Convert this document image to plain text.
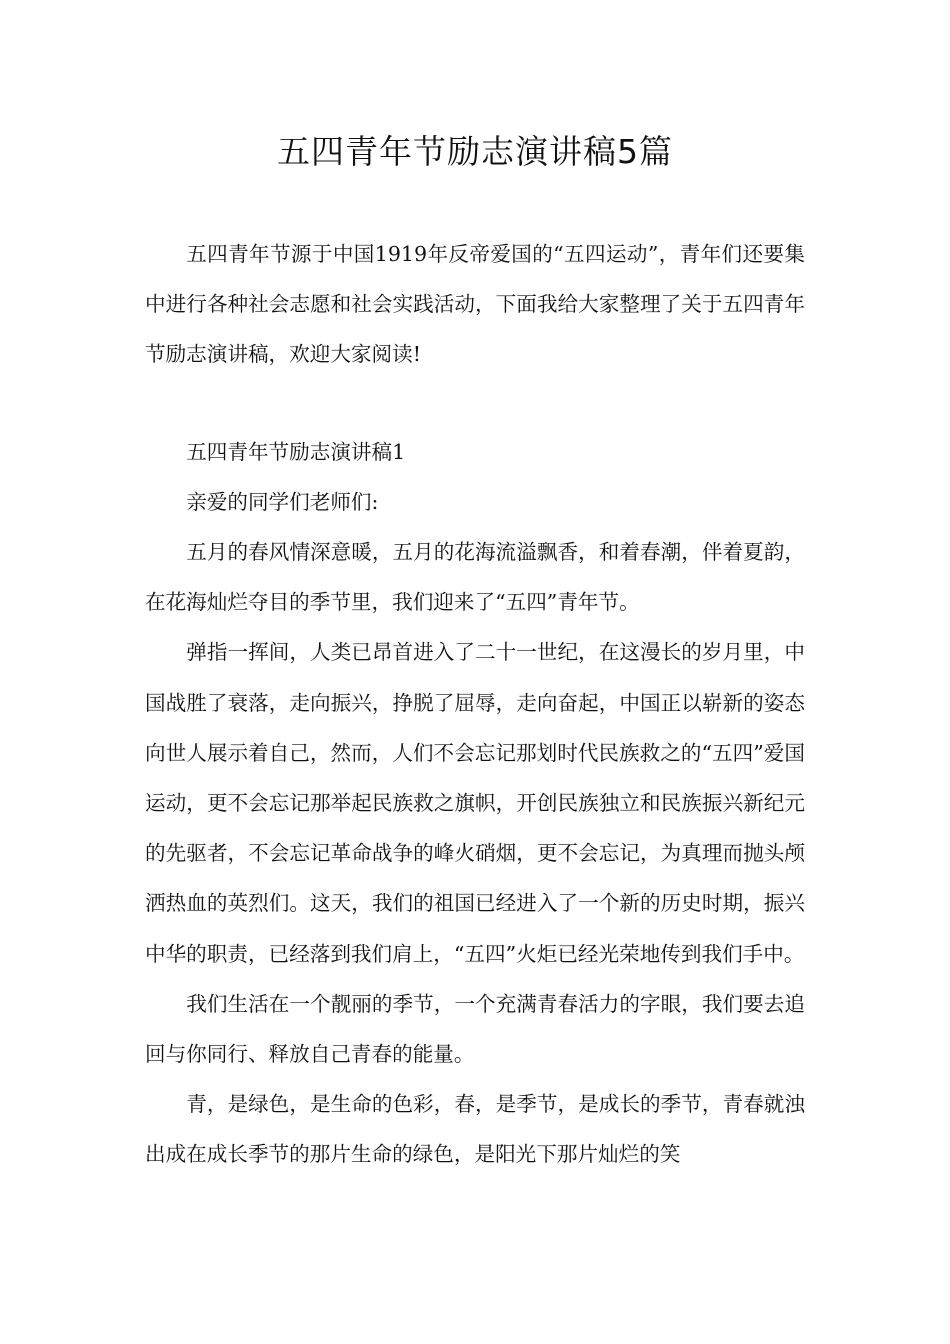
五四青年节励志演讲稿5篇

五四青年节源于中国1919年反帝爱国的“五四运动”，青年们还要集中进行各种社会志愿和社会实践活动，下面我给大家整理了关于五四青年节励志演讲稿，欢迎大家阅读!

五四青年节励志演讲稿1

亲爱的同学们老师们:

五月的春风情深意暖，五月的花海流溢飘香，和着春潮，伴着夏韵，在花海灿烂夺目的季节里，我们迎来了“五四”青年节。

弹指一挥间，人类已昂首进入了二十一世纪，在这漫长的岁月里，中国战胜了衰落，走向振兴，挣脱了屈辱，走向奋起，中国正以崭新的姿态向世人展示着自己，然而，人们不会忘记那划时代民族救之的“五四”爱国运动，更不会忘记那举起民族救之旗帜，开创民族独立和民族振兴新纪元的先驱者，不会忘记革命战争的峰火硝烟，更不会忘记，为真理而抛头颅洒热血的英烈们。这天，我们的祖国已经进入了一个新的历史时期，振兴中华的职责，已经落到我们肩上，“五四”火炬已经光荣地传到我们手中。

我们生活在一个靓丽的季节，一个充满青春活力的字眼，我们要去追回与你同行、释放自己青春的能量。

青，是绿色，是生命的色彩，春，是季节，是成长的季节，青春就浊出成在成长季节的那片生命的绿色，是阳光下那片灿烂的笑
